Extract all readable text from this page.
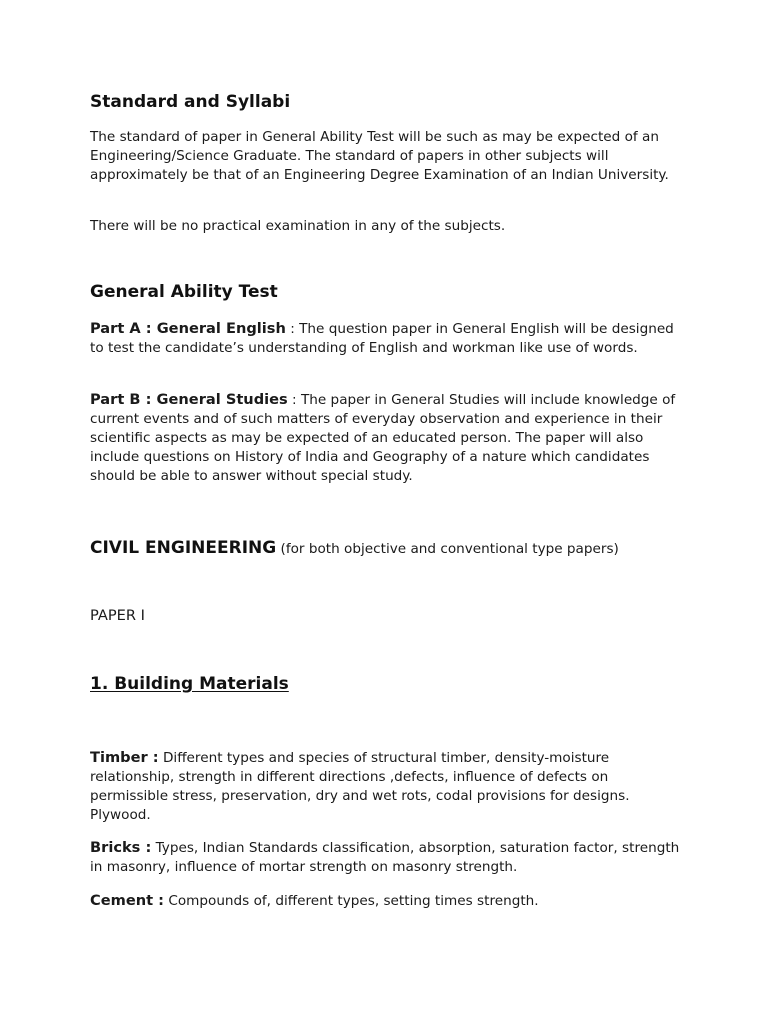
Standard and Syllabi

The standard of paper in General Ability Test will be such as may be expected of an Engineering/Science Graduate. The standard of papers in other subjects will approximately be that of an Engineering Degree Examination of an Indian University.

There will be no practical examination in any of the subjects.

General Ability Test

Part A : General English : The question paper in General English will be designed to test the candidate’s understanding of English and workman like use of words.

Part B : General Studies : The paper in General Studies will include knowledge of current events and of such matters of everyday observation and experience in their scientific aspects as may be expected of an educated person. The paper will also include questions on History of India and Geography of a nature which candidates should be able to answer without special study.

CIVIL ENGINEERING (for both objective and conventional type papers)
PAPER I
1. Building Materials

Timber : Different types and species of structural timber, density-moisture relationship, strength in different directions ,defects, influence of defects on permissible stress, preservation, dry and wet rots, codal provisions for designs. Plywood.

Bricks : Types, Indian Standards classification, absorption, saturation factor, strength in masonry, influence of mortar strength on masonry strength.

Cement : Compounds of, different types, setting times strength.
